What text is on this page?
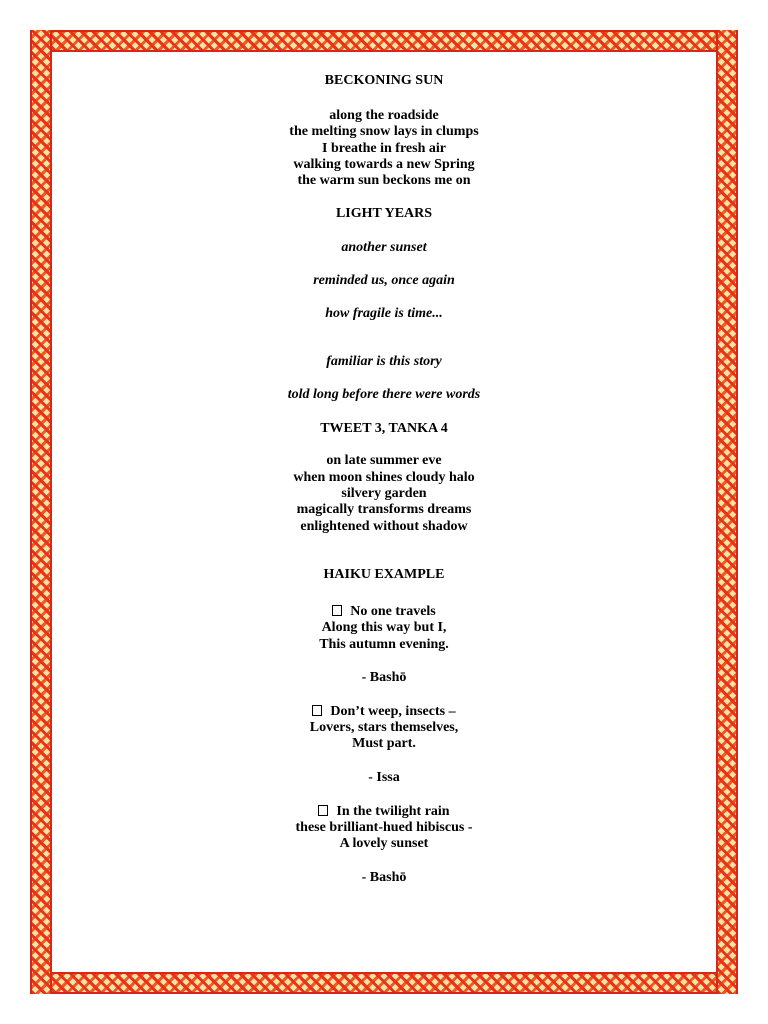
BECKONING SUN

along the roadside
the melting snow lays in clumps
I breathe in fresh air
walking towards a new Spring
the warm sun beckons me on

LIGHT YEARS

another sunset
reminded us, once again
how fragile is time...
familiar is this story
told long before there were words

TWEET 3, TANKA 4

on late summer eve
when moon shines cloudy halo
silvery garden
magically transforms dreams
enlightened without shadow

HAIKU EXAMPLE

No one travels
Along this way but I,
This autumn evening.
- Bashō
Don’t weep, insects –
Lovers, stars themselves,
Must part.
- Issa
In the twilight rain
these brilliant-hued hibiscus -
A lovely sunset
- Bashō
